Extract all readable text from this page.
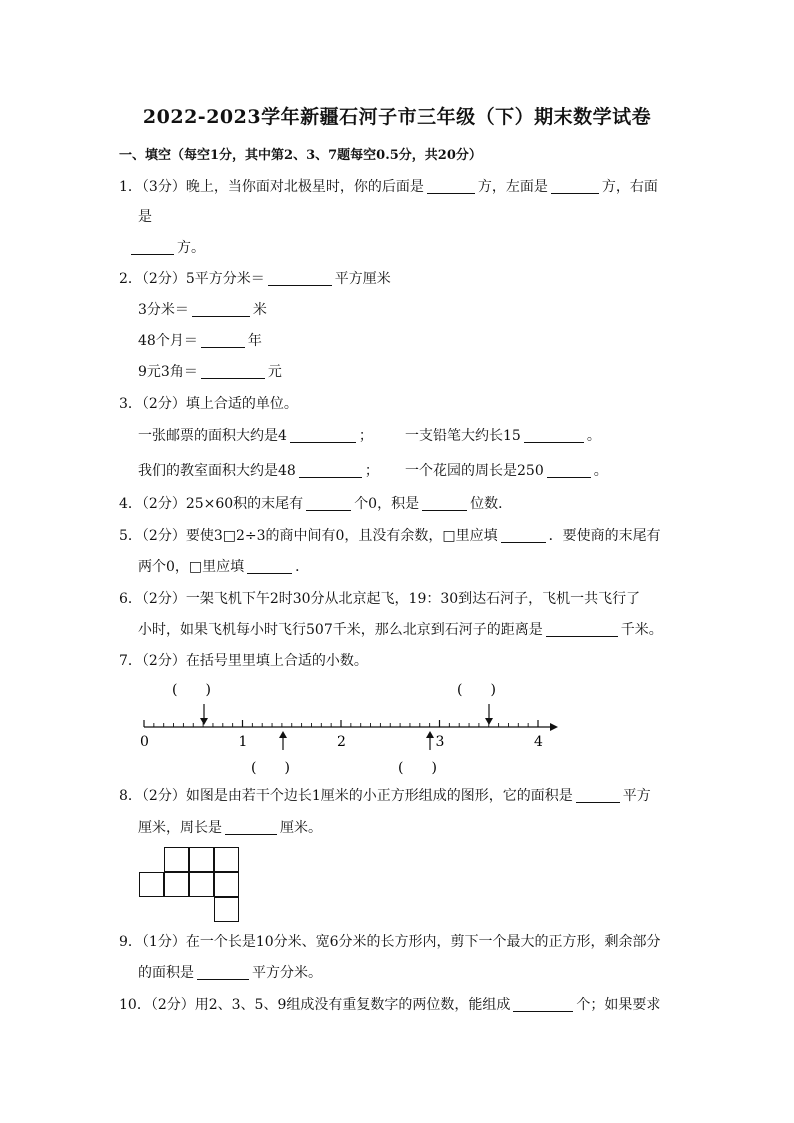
2022-2023学年新疆石河子市三年级（下）期末数学试卷
一、填空（每空1分，其中第2、3、7题每空0.5分，共20分）
1．（3分）晚上，当你面对北极星时，你的后面是	方，左面是	方，右面
是
方。
2．（2分）5平方分米＝	平方厘米
3分米＝	米
48个月＝	年
9元3角＝	元
3．（2分）填上合适的单位。
一张邮票的面积大约是4	； 一支铅笔大约长15	。
我们的教室面积大约是48	； 一个花园的周长是250	。
4．（2分）25×60积的末尾有	个0，积是	位数．
5．（2分）要使3□2÷3的商中间有0，且没有余数，□里应填	．要使商的末尾有
两个0，□里应填	．
6．（2分）一架飞机下午2时30分从北京起飞，19：30到达石河子，飞机一共飞行了
小时，如果飞机每小时飞行507千米，那么北京到石河子的距离是	千米。
7．（2分）在括号里里填上合适的小数。
(　　)	(　　)
0	1	2	3	4
(　　)	(　　)
8．（2分）如图是由若干个边长1厘米的小正方形组成的图形，它的面积是	平方
厘米，周长是	厘米。
9．（1分）在一个长是10分米、宽6分米的长方形内，剪下一个最大的正方形，剩余部分
的面积是	平方分米。
10．（2分）用2、3、5、9组成没有重复数字的两位数，能组成	个；如果要求
